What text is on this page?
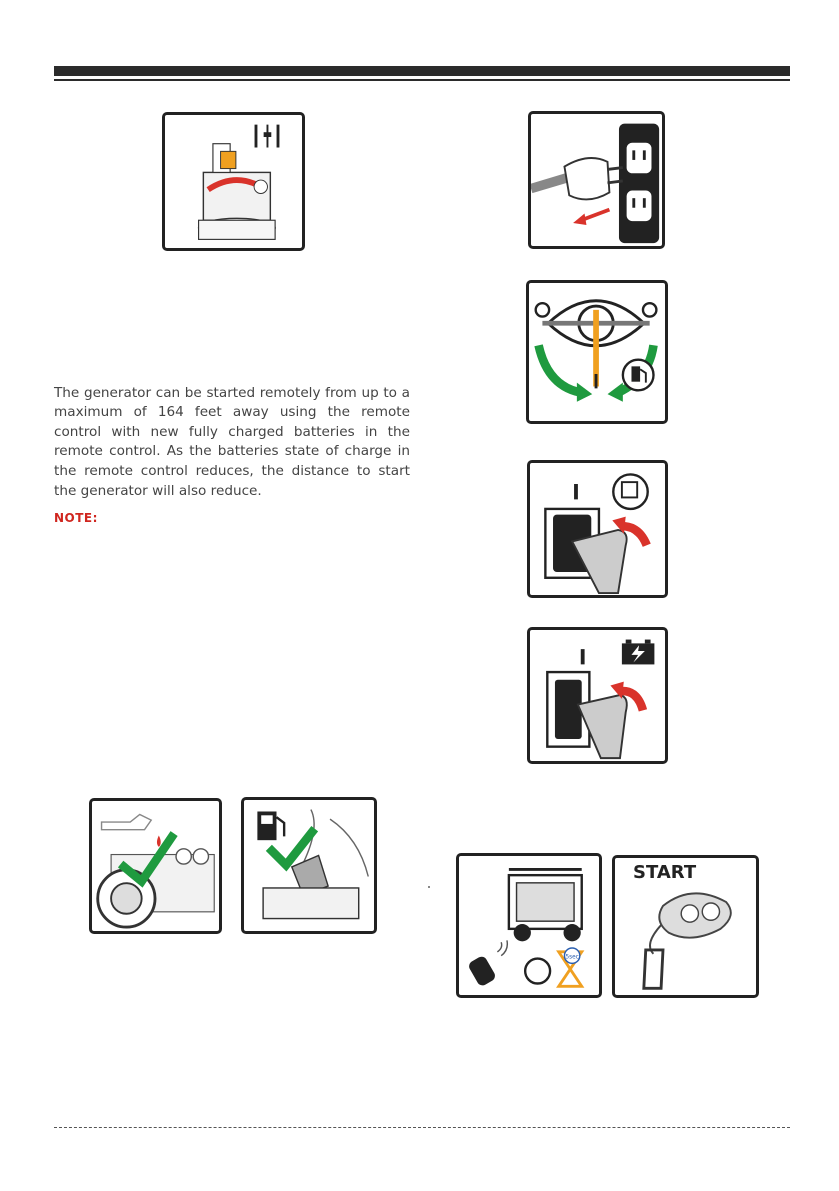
The generator can be started remotely from up to a maximum of 164 feet away using the remote control with new fully charged batteries in the remote control. As the batteries state of charge in the remote control reduces, the distance to start the generator will also reduce.

NOTE:
5sec
START
